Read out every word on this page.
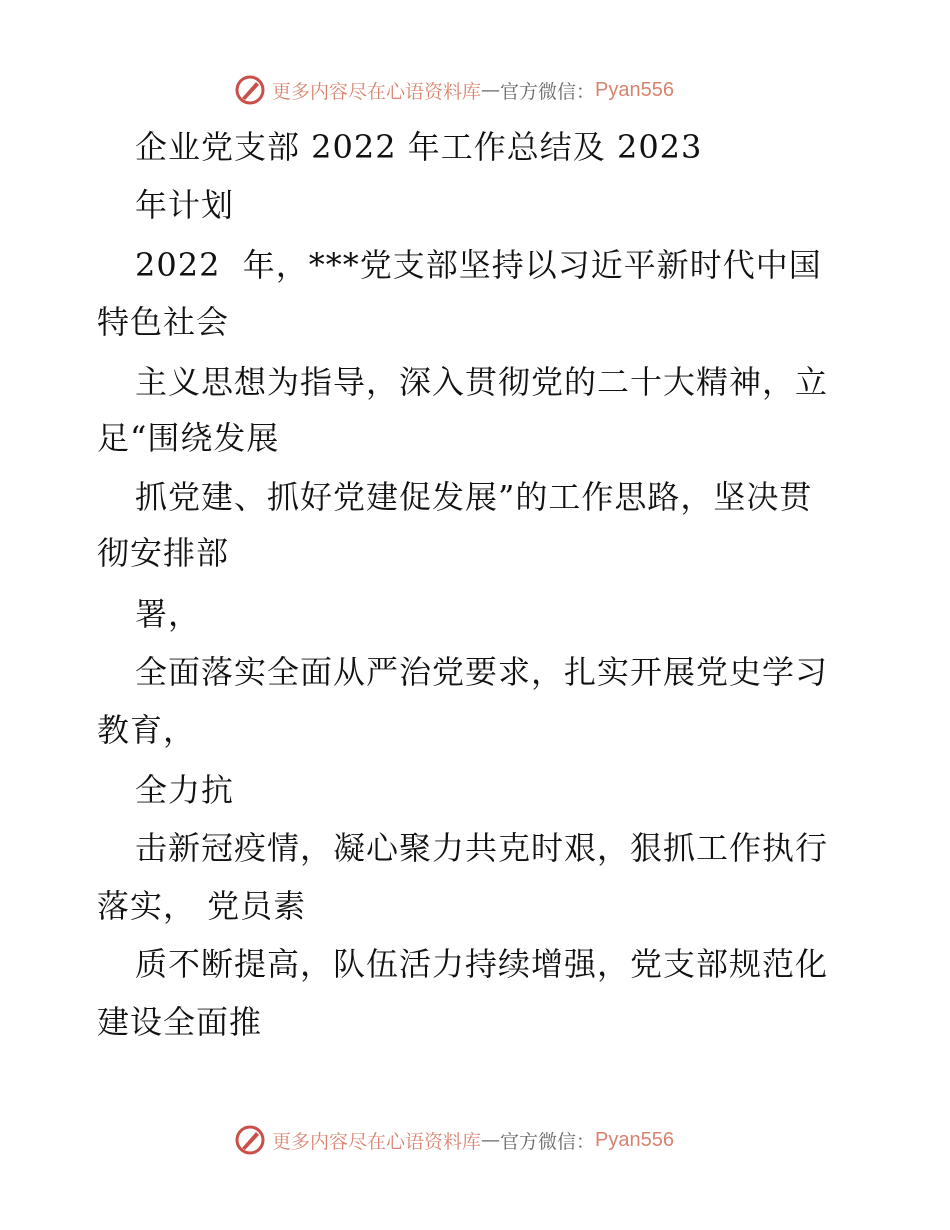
更多内容尽在心语资料库 — 官方微信： Pyan556
企业党支部 2022 年工作总结及 2023
年计划
2022  年，***党支部坚持以习近平新时代中国
特色社会
主义思想为指导，深入贯彻党的二十大精神，立
足“围绕发展
抓党建、抓好党建促发展”的工作思路，坚决贯
彻安排部
署，
全面落实全面从严治党要求，扎实开展党史学习
教育，
全力抗
击新冠疫情，凝心聚力共克时艰，狠抓工作执行
落实， 党员素
质不断提高，队伍活力持续增强，党支部规范化
建设全面推
更多内容尽在心语资料库 — 官方微信： Pyan556
